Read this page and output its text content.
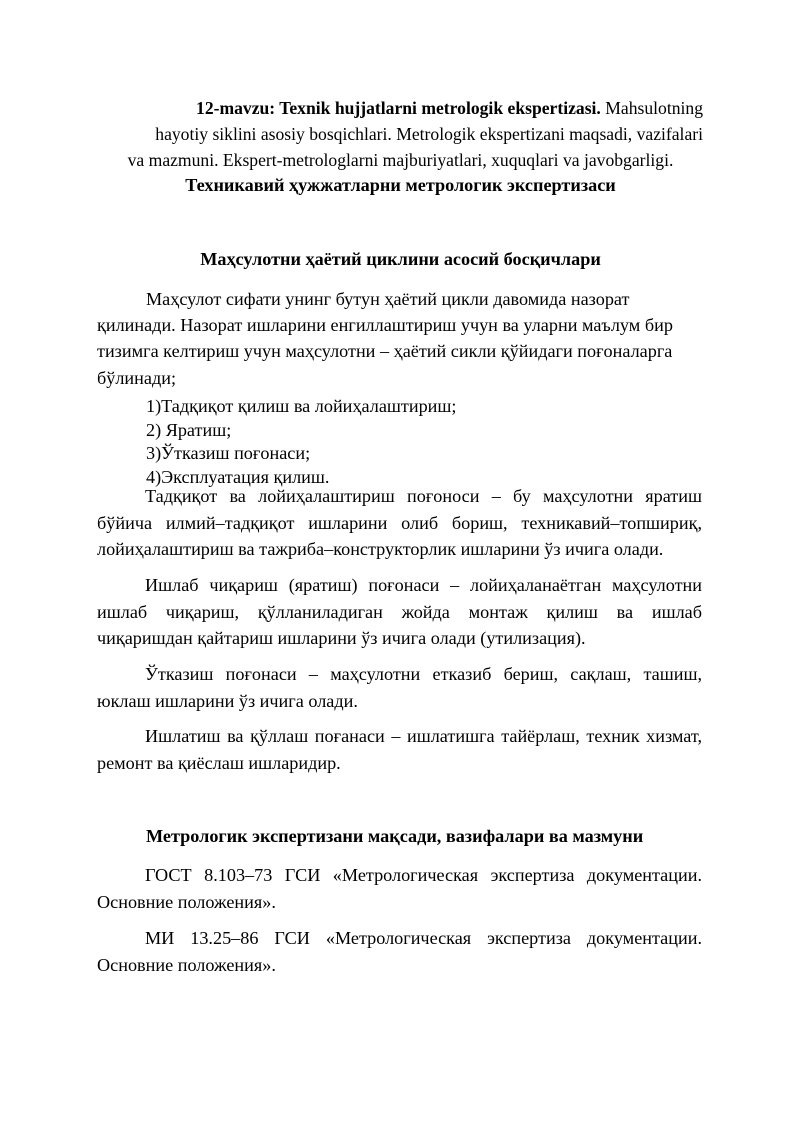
12-mavzu: Texnik hujjatlarni metrologik ekspertizasi. Mahsulotning
hayotiy siklini asosiy bosqichlari. Metrologik ekspertizani maqsadi, vazifalari
va mazmuni. Ekspert-metrologlarni majburiyatlari, xuquqlari va javobgarligi.
Техникавий ҳужжатларни метрологик экспертизаси
Маҳсулотни ҳаётий циклини асосий босқичлари
Маҳсулот сифати унинг бутун ҳаётий цикли давомида назорат
қилинади. Назорат ишларини енгиллаштириш учун ва уларни маълум бир
тизимга келтириш учун маҳсулотни – ҳаётий сикли қўйидаги поғоналарга
бўлинади;
1)Тадқиқот қилиш ва лойиҳалаштириш;
2) Яратиш;
3)Ўтказиш поғонаси;
4)Эксплуатация қилиш.
Тадқиқот ва лойиҳалаштириш поғоноси – бу маҳсулотни яратиш бўйича илмий–тадқиқот ишларини олиб бориш, техникавий–топшириқ, лойиҳалаштириш ва тажриба–конструкторлик ишларини ўз ичига олади.
Ишлаб чиқариш (яратиш) поғонаси – лойиҳаланаётган маҳсулотни ишлаб чиқариш, қўлланиладиган жойда монтаж қилиш ва ишлаб чиқаришдан қайтариш ишларини ўз ичига олади (утилизация).
Ўтказиш поғонаси – маҳсулотни етказиб бериш, сақлаш, ташиш, юклаш ишларини ўз ичига олади.
Ишлатиш ва қўллаш поғанаси – ишлатишга тайёрлаш, техник хизмат, ремонт ва қиёслаш ишларидир.
Метрологик экспертизани мақсади, вазифалари ва мазмуни
ГОСТ 8.103–73 ГСИ «Метрологическая экспертиза документации. Основние положения».
МИ 13.25–86 ГСИ «Метрологическая экспертиза документации. Основние положения».
